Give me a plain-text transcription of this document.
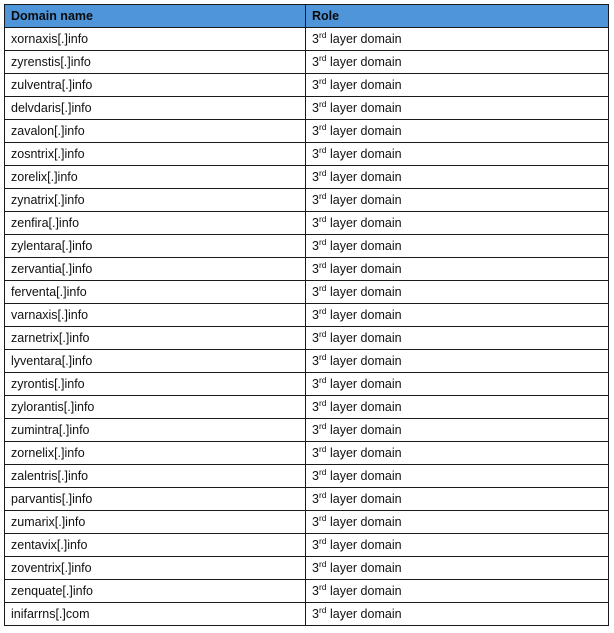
Domain name	Role
xornaxis[.]info	3rd layer domain
zyrenstis[.]info	3rd layer domain
zulventra[.]info	3rd layer domain
delvdaris[.]info	3rd layer domain
zavalon[.]info	3rd layer domain
zosntrix[.]info	3rd layer domain
zorelix[.]info	3rd layer domain
zynatrix[.]info	3rd layer domain
zenfira[.]info	3rd layer domain
zylentara[.]info	3rd layer domain
zervantia[.]info	3rd layer domain
ferventa[.]info	3rd layer domain
varnaxis[.]info	3rd layer domain
zarnetrix[.]info	3rd layer domain
lyventara[.]info	3rd layer domain
zyrontis[.]info	3rd layer domain
zylorantis[.]info	3rd layer domain
zumintra[.]info	3rd layer domain
zornelix[.]info	3rd layer domain
zalentris[.]info	3rd layer domain
parvantis[.]info	3rd layer domain
zumarix[.]info	3rd layer domain
zentavix[.]info	3rd layer domain
zoventrix[.]info	3rd layer domain
zenquate[.]info	3rd layer domain
inifarrns[.]com	3rd layer domain
